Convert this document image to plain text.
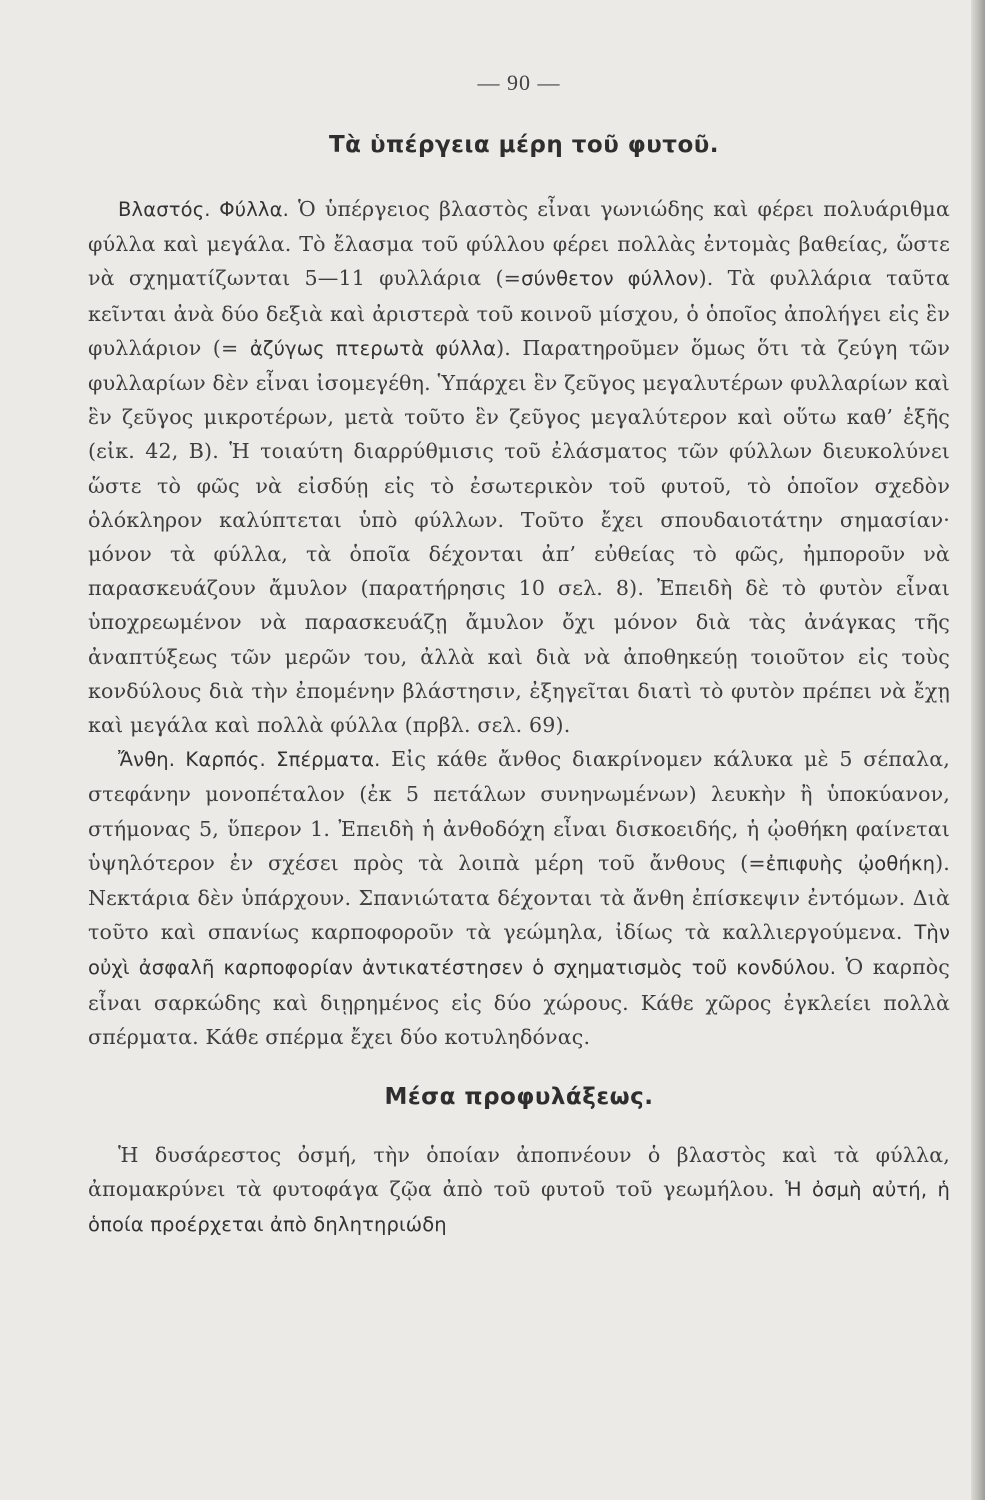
— 90 —
Τὰ ὑπέργεια μέρη τοῦ φυτοῦ.

Βλαστός. Φύλλα. Ὁ ὑπέργειος βλαστὸς εἶναι γωνιώδης καὶ φέρει πολυάριθμα φύλλα καὶ μεγάλα. Τὸ ἔλασμα τοῦ φύλλου φέρει πολλὰς ἐντομὰς βαθείας, ὥστε νὰ σχηματίζωνται 5—11 φυλλάρια (=σύνθετον φύλλον). Τὰ φυλλάρια ταῦτα κεῖνται ἀνὰ δύο δεξιὰ καὶ ἀριστερὰ τοῦ κοινοῦ μίσχου, ὁ ὁποῖος ἀπολήγει εἰς ἓν φυλλάριον (= ἀζύγως πτερωτὰ φύλλα). Παρατηροῦμεν ὅμως ὅτι τὰ ζεύγη τῶν φυλλαρίων δὲν εἶναι ἰσομεγέθη. Ὑπάρχει ἓν ζεῦγος μεγαλυτέρων φυλλαρίων καὶ ἓν ζεῦγος μικροτέρων, μετὰ τοῦτο ἓν ζεῦγος μεγαλύτερον καὶ οὕτω καθ’ ἑξῆς (εἰκ. 42, Β). Ἡ τοιαύτη διαρρύθμισις τοῦ ἐλάσματος τῶν φύλλων διευκολύνει ὥστε τὸ φῶς νὰ εἰσδύῃ εἰς τὸ ἐσωτερικὸν τοῦ φυτοῦ, τὸ ὁποῖον σχεδὸν ὁλόκληρον καλύπτεται ὑπὸ φύλλων. Τοῦτο ἔχει σπουδαιοτάτην σημασίαν· μόνον τὰ φύλλα, τὰ ὁποῖα δέχονται ἀπ’ εὐθείας τὸ φῶς, ἠμποροῦν νὰ παρασκευάζουν ἄμυλον (παρατήρησις 10 σελ. 8). Ἐπειδὴ δὲ τὸ φυτὸν εἶναι ὑποχρεωμένον νὰ παρασκευάζῃ ἄμυλον ὄχι μόνον διὰ τὰς ἀνάγκας τῆς ἀναπτύξεως τῶν μερῶν του, ἀλλὰ καὶ διὰ νὰ ἀποθηκεύῃ τοιοῦτον εἰς τοὺς κονδύλους διὰ τὴν ἐπομένην βλάστησιν, ἐξηγεῖται διατὶ τὸ φυτὸν πρέπει νὰ ἔχῃ καὶ μεγάλα καὶ πολλὰ φύλλα (πρβλ. σελ. 69).

Ἄνθη. Καρπός. Σπέρματα. Εἰς κάθε ἄνθος διακρίνομεν κάλυκα μὲ 5 σέπαλα, στεφάνην μονοπέταλον (ἐκ 5 πετάλων συνηνωμένων) λευκὴν ἢ ὑποκύανον, στήμονας 5, ὕπερον 1. Ἐπειδὴ ἡ ἀνθοδόχη εἶναι δισκοειδής, ἡ ᾠοθήκη φαίνεται ὑψηλότερον ἐν σχέσει πρὸς τὰ λοιπὰ μέρη τοῦ ἄνθους (=ἐπιφυὴς ᾠοθήκη). Νεκτάρια δὲν ὑπάρχουν. Σπανιώτατα δέχονται τὰ ἄνθη ἐπίσκεψιν ἐντόμων. Διὰ τοῦτο καὶ σπανίως καρποφοροῦν τὰ γεώμηλα, ἰδίως τὰ καλλιεργούμενα. Τὴν οὐχὶ ἀσφαλῆ καρποφορίαν ἀντικατέστησεν ὁ σχηματισμὸς τοῦ κονδύλου. Ὁ καρπὸς εἶναι σαρκώδης καὶ διῃρημένος εἰς δύο χώρους. Κάθε χῶρος ἐγκλείει πολλὰ σπέρματα. Κάθε σπέρμα ἔχει δύο κοτυληδόνας.

Μέσα προφυλάξεως.

Ἡ δυσάρεστος ὀσμή, τὴν ὁποίαν ἀποπνέουν ὁ βλαστὸς καὶ τὰ φύλλα, ἀπομακρύνει τὰ φυτοφάγα ζῷα ἀπὸ τοῦ φυτοῦ τοῦ γεωμήλου. Ἡ ὀσμὴ αὐτή, ἡ ὁποία προέρχεται ἀπὸ δηλητηριώδη
